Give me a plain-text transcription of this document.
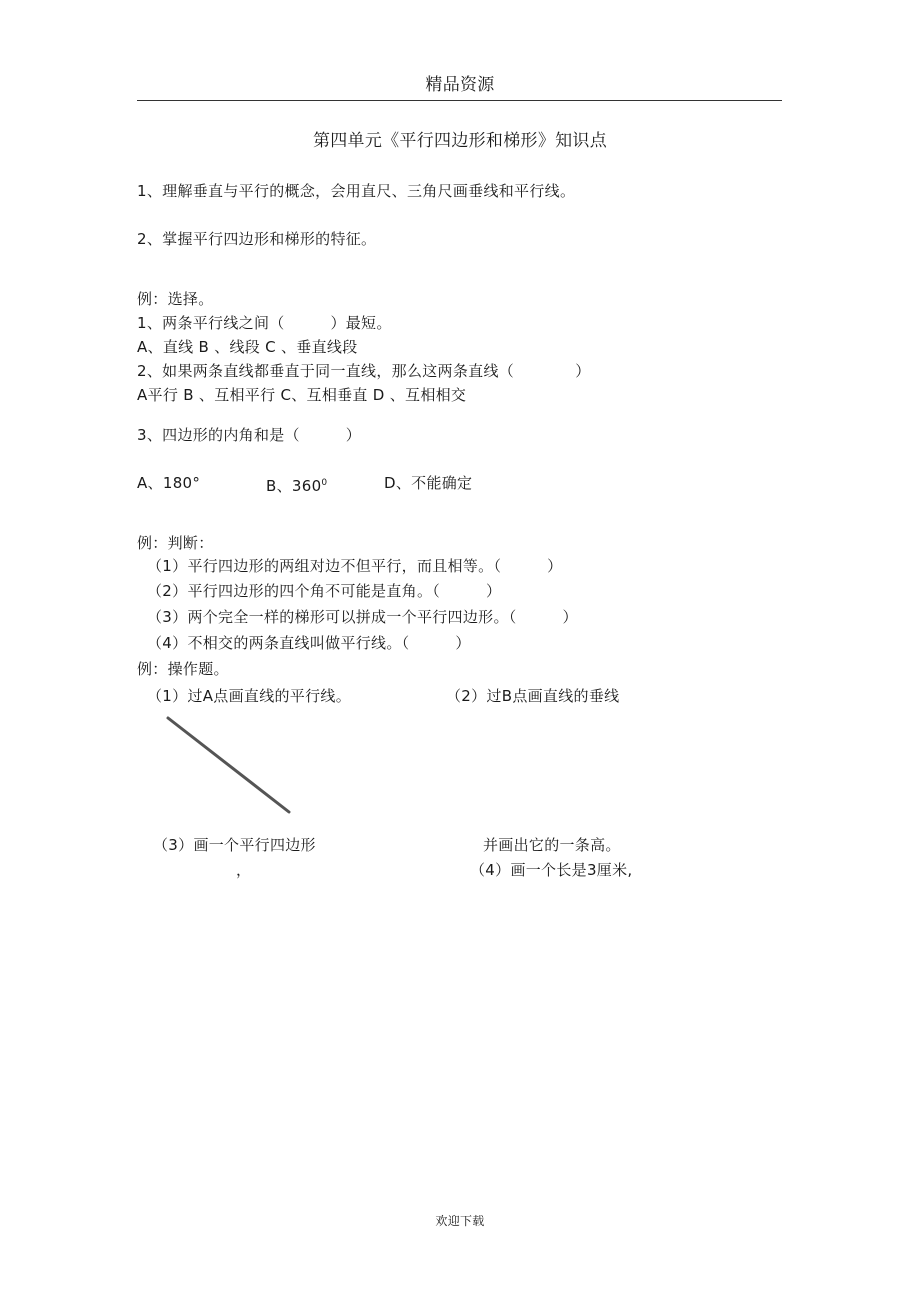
精品资源
第四单元《平行四边形和梯形》知识点
1、理解垂直与平行的概念，会用直尺、三角尺画垂线和平行线。
2、掌握平行四边形和梯形的特征。
例：选择。
1、两条平行线之间（　　　）最短。
A、直线 B 、线段 C 、垂直线段
2、如果两条直线都垂直于同一直线，那么这两条直线（　　　　）
A平行 B 、互相平行 C、互相垂直 D 、互相相交
3、四边形的内角和是（　　　）
A、180°	B、$360^0$	D、不能确定
例：判断：
（1）平行四边形的两组对边不但平行，而且相等。（　　　）
（2）平行四边形的四个角不可能是直角。（　　　）
（3）两个完全一样的梯形可以拼成一个平行四边形。（　　　）
（4）不相交的两条直线叫做平行线。（　　　）
例：操作题。
（1）过A点画直线的平行线。	（2）过B点画直线的垂线
（3）画一个平行四边形	并画出它的一条高。
，	（4）画一个长是3厘米,
欢迎下载
